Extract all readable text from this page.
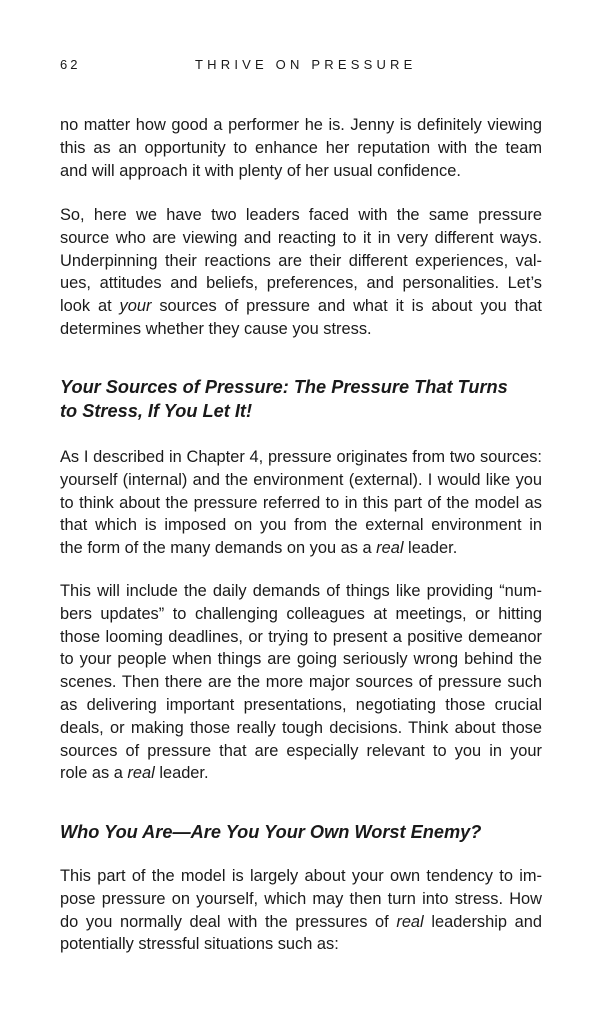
62	THRIVE ON PRESSURE

no matter how good a performer he is. Jenny is definitely viewing
this as an opportunity to enhance her reputation with the team
and will approach it with plenty of her usual confidence.

So, here we have two leaders faced with the same pressure
source who are viewing and reacting to it in very different ways.
Underpinning their reactions are their different experiences, val-
ues, attitudes and beliefs, preferences, and personalities. Let’s
look at your sources of pressure and what it is about you that
determines whether they cause you stress.

Your Sources of Pressure: The Pressure That Turns
to Stress, If You Let It!

As I described in Chapter 4, pressure originates from two sources:
yourself (internal) and the environment (external). I would like you
to think about the pressure referred to in this part of the model as
that which is imposed on you from the external environment in
the form of the many demands on you as a real leader.

This will include the daily demands of things like providing “num-
bers updates” to challenging colleagues at meetings, or hitting
those looming deadlines, or trying to present a positive demeanor
to your people when things are going seriously wrong behind the
scenes. Then there are the more major sources of pressure such
as delivering important presentations, negotiating those crucial
deals, or making those really tough decisions. Think about those
sources of pressure that are especially relevant to you in your
role as a real leader.

Who You Are—Are You Your Own Worst Enemy?

This part of the model is largely about your own tendency to im-
pose pressure on yourself, which may then turn into stress. How
do you normally deal with the pressures of real leadership and
potentially stressful situations such as:
